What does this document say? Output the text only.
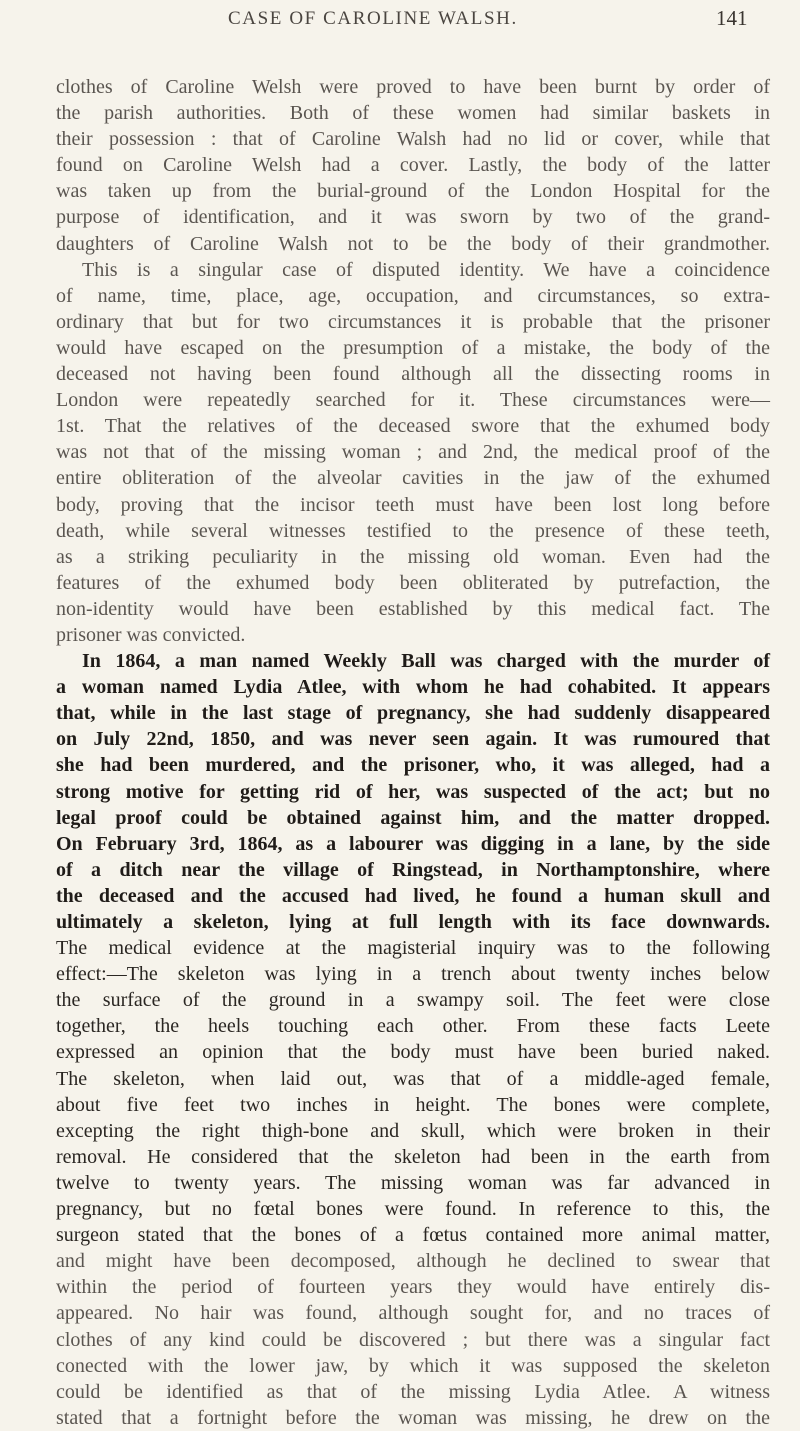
CASE OF CAROLINE WALSH.	141
clothes of Caroline Welsh were proved to have been burnt by order of
the parish authorities. Both of these women had similar baskets in
their possession : that of Caroline Walsh had no lid or cover, while that
found on Caroline Welsh had a cover. Lastly, the body of the latter
was taken up from the burial-ground of the London Hospital for the
purpose of identification, and it was sworn by two of the grand-
daughters of Caroline Walsh not to be the body of their grandmother.
This is a singular case of disputed identity. We have a coincidence
of name, time, place, age, occupation, and circumstances, so extra-
ordinary that but for two circumstances it is probable that the prisoner
would have escaped on the presumption of a mistake, the body of the
deceased not having been found although all the dissecting rooms in
London were repeatedly searched for it. These circumstances were—
1st. That the relatives of the deceased swore that the exhumed body
was not that of the missing woman ; and 2nd, the medical proof of the
entire obliteration of the alveolar cavities in the jaw of the exhumed
body, proving that the incisor teeth must have been lost long before
death, while several witnesses testified to the presence of these teeth,
as a striking peculiarity in the missing old woman. Even had the
features of the exhumed body been obliterated by putrefaction, the
non-identity would have been established by this medical fact. The
prisoner was convicted.
In 1864, a man named Weekly Ball was charged with the murder of
a woman named Lydia Atlee, with whom he had cohabited. It appears
that, while in the last stage of pregnancy, she had suddenly disappeared
on July 22nd, 1850, and was never seen again. It was rumoured that
she had been murdered, and the prisoner, who, it was alleged, had a
strong motive for getting rid of her, was suspected of the act; but no
legal proof could be obtained against him, and the matter dropped.
On February 3rd, 1864, as a labourer was digging in a lane, by the side
of a ditch near the village of Ringstead, in Northamptonshire, where
the deceased and the accused had lived, he found a human skull and
ultimately a skeleton, lying at full length with its face downwards.
The medical evidence at the magisterial inquiry was to the following
effect:—The skeleton was lying in a trench about twenty inches below
the surface of the ground in a swampy soil. The feet were close
together, the heels touching each other. From these facts Leete
expressed an opinion that the body must have been buried naked.
The skeleton, when laid out, was that of a middle-aged female,
about five feet two inches in height. The bones were complete,
excepting the right thigh-bone and skull, which were broken in their
removal. He considered that the skeleton had been in the earth from
twelve to twenty years. The missing woman was far advanced in
pregnancy, but no fœtal bones were found. In reference to this, the
surgeon stated that the bones of a fœtus contained more animal matter,
and might have been decomposed, although he declined to swear that
within the period of fourteen years they would have entirely dis-
appeared. No hair was found, although sought for, and no traces of
clothes of any kind could be discovered ; but there was a singular fact
conected with the lower jaw, by which it was supposed the skeleton
could be identified as that of the missing Lydia Atlee. A witness
stated that a fortnight before the woman was missing, he drew on the
